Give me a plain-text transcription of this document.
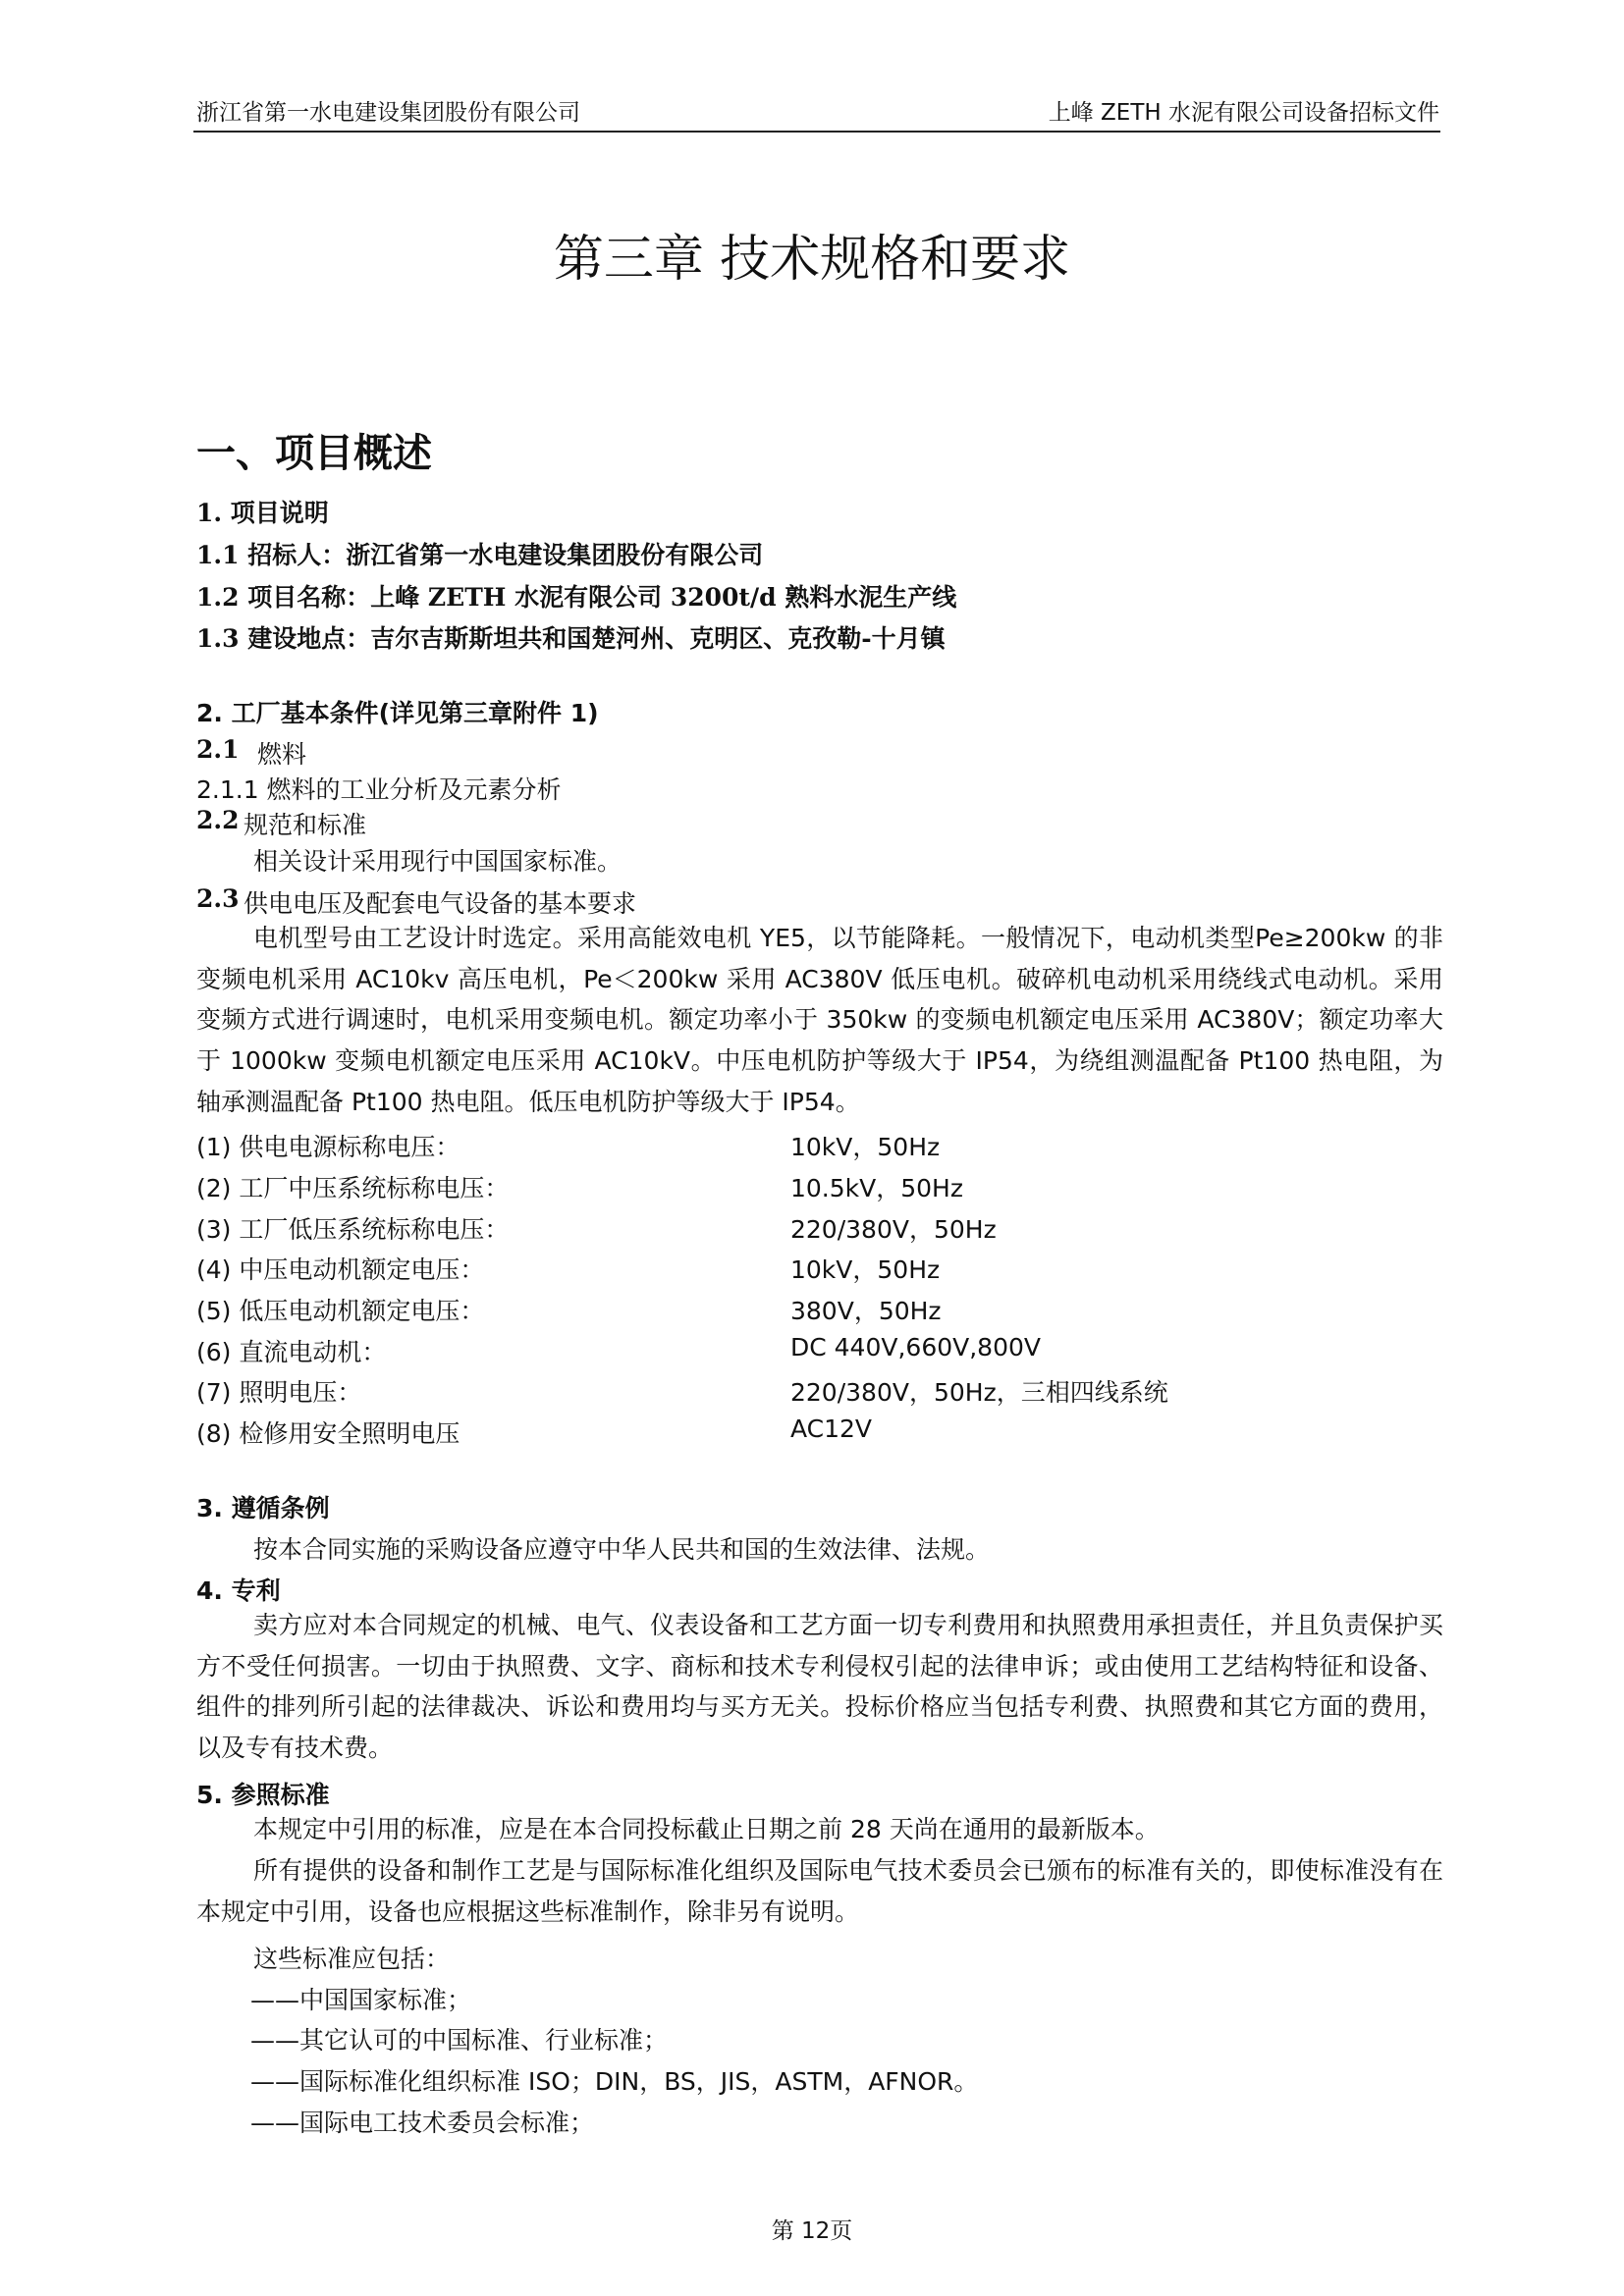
浙江省第一水电建设集团股份有限公司	上峰 ZETH 水泥有限公司设备招标文件
第三章 技术规格和要求
一、项目概述
1. 项目说明
1.1 招标人：浙江省第一水电建设集团股份有限公司
1.2 项目名称：上峰 ZETH 水泥有限公司 3200t/d 熟料水泥生产线
1.3 建设地点：吉尔吉斯斯坦共和国楚河州、克明区、克孜勒-十月镇
2. 工厂基本条件(详见第三章附件 1)
2.1 燃料
2.1.1 燃料的工业分析及元素分析
2.2 规范和标准
相关设计采用现行中国国家标准。
2.3 供电电压及配套电气设备的基本要求
电机型号由工艺设计时选定。采用高能效电机 YE5，以节能降耗。一般情况下，电动机类型Pe≥200kw 的非变频电机采用 AC10kv 高压电机，Pe＜200kw 采用 AC380V 低压电机。破碎机电动机采用绕线式电动机。采用变频方式进行调速时，电机采用变频电机。额定功率小于 350kw 的变频电机额定电压采用 AC380V；额定功率大于 1000kw 变频电机额定电压采用 AC10kV。中压电机防护等级大于 IP54，为绕组测温配备 Pt100 热电阻，为轴承测温配备 Pt100 热电阻。低压电机防护等级大于 IP54。
(1) 供电电源标称电压：	10kV，50Hz
(2) 工厂中压系统标称电压：	10.5kV，50Hz
(3) 工厂低压系统标称电压：	220/380V，50Hz
(4) 中压电动机额定电压：	10kV，50Hz
(5) 低压电动机额定电压：	380V，50Hz
(6) 直流电动机：	DC 440V,660V,800V
(7) 照明电压：	220/380V，50Hz，三相四线系统
(8) 检修用安全照明电压	AC12V
3. 遵循条例
按本合同实施的采购设备应遵守中华人民共和国的生效法律、法规。
4. 专利
卖方应对本合同规定的机械、电气、仪表设备和工艺方面一切专利费用和执照费用承担责任，并且负责保护买方不受任何损害。一切由于执照费、文字、商标和技术专利侵权引起的法律申诉；或由使用工艺结构特征和设备、组件的排列所引起的法律裁决、诉讼和费用均与买方无关。投标价格应当包括专利费、执照费和其它方面的费用，以及专有技术费。
5. 参照标准
本规定中引用的标准，应是在本合同投标截止日期之前 28 天尚在通用的最新版本。
所有提供的设备和制作工艺是与国际标准化组织及国际电气技术委员会已颁布的标准有关的，即使标准没有在本规定中引用，设备也应根据这些标准制作，除非另有说明。
这些标准应包括：
——中国国家标准；
——其它认可的中国标准、行业标准；
——国际标准化组织标准 ISO；DIN，BS，JIS，ASTM，AFNOR。
——国际电工技术委员会标准；
第 12页
